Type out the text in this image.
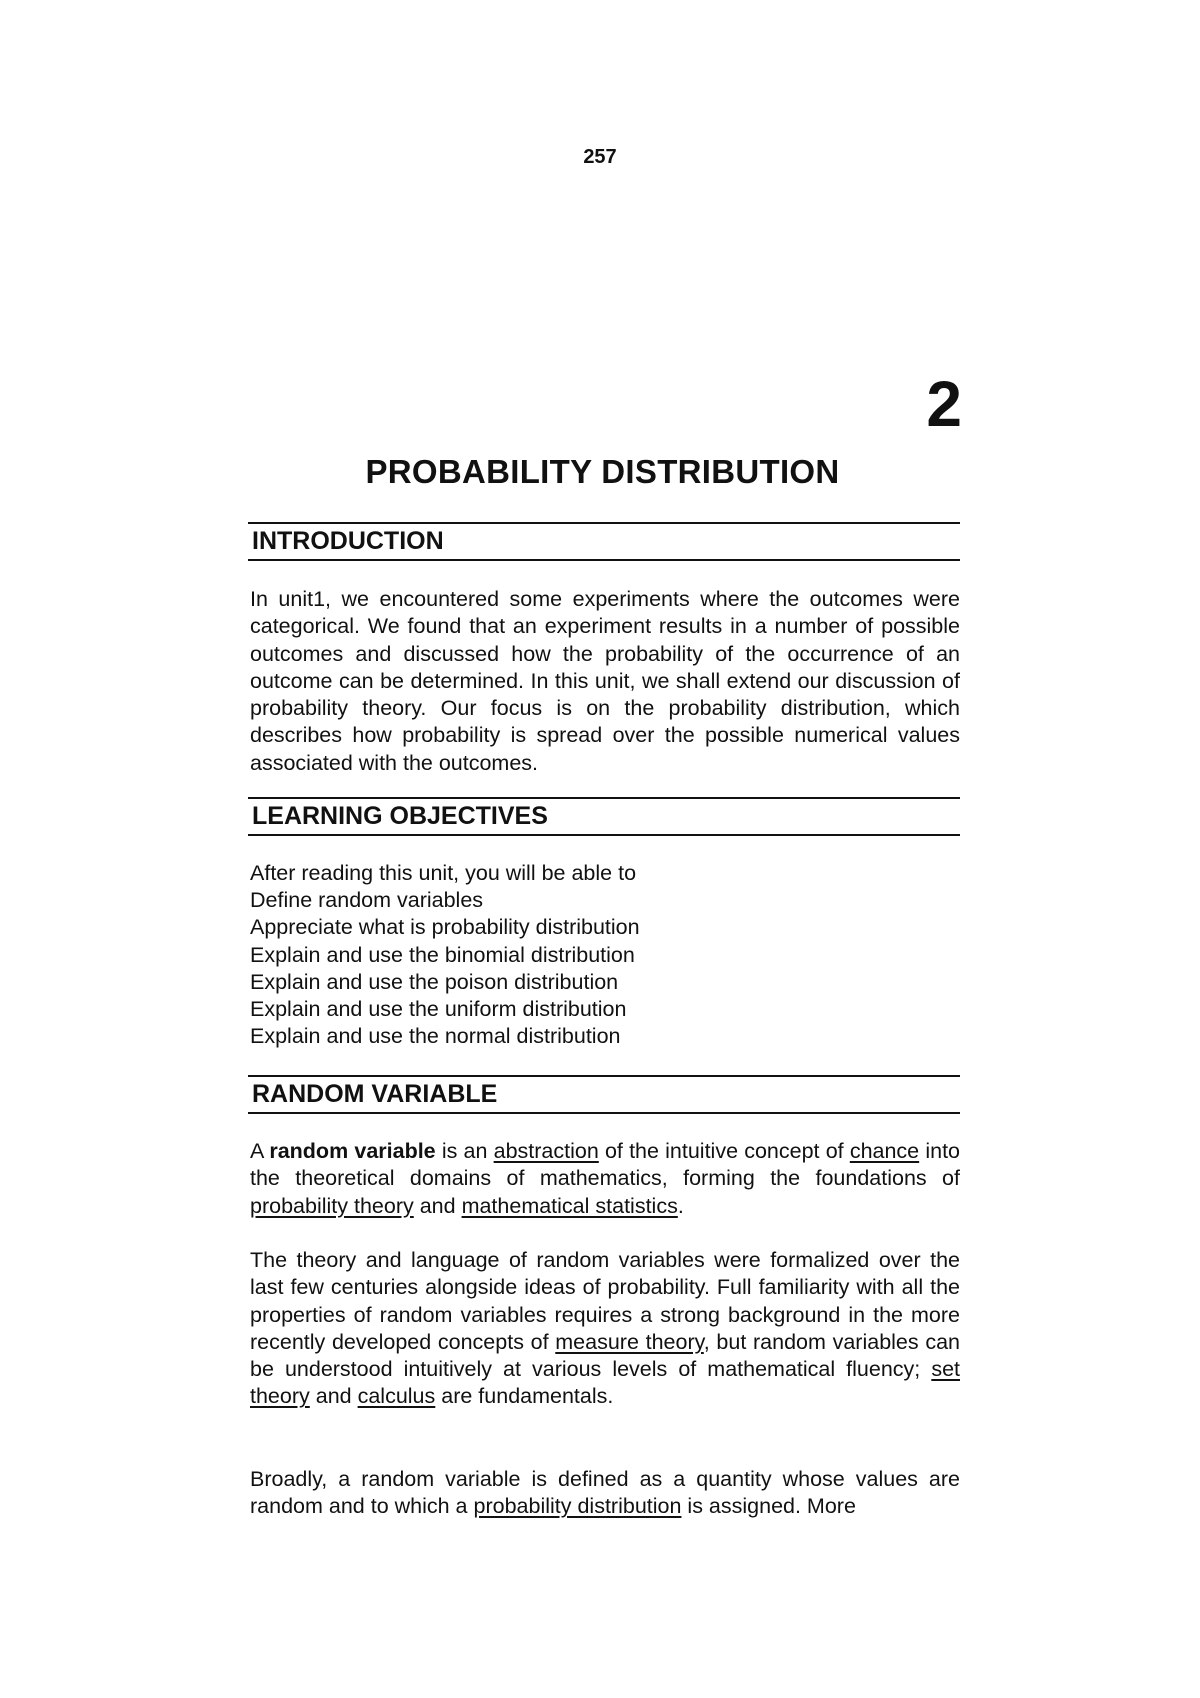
257
2
PROBABILITY DISTRIBUTION
INTRODUCTION

In unit1, we encountered some experiments where the outcomes were categorical. We found that an experiment results in a number of possible outcomes and discussed how the probability of the occurrence of an outcome can be determined. In this unit, we shall extend our discussion of probability theory. Our focus is on the probability distribution, which describes how probability is spread over the possible numerical values associated with the outcomes.

LEARNING OBJECTIVES
After reading this unit, you will be able to
Define random variables
Appreciate what is probability distribution
Explain and use the binomial distribution
Explain and use the poison distribution
Explain and use the uniform distribution
Explain and use the normal distribution
RANDOM VARIABLE

A random variable is an abstraction of the intuitive concept of chance into the theoretical domains of mathematics, forming the foundations of probability theory and mathematical statistics.

The theory and language of random variables were formalized over the last few centuries alongside ideas of probability. Full familiarity with all the properties of random variables requires a strong background in the more recently developed concepts of measure theory, but random variables can be understood intuitively at various levels of mathematical fluency; set theory and calculus are fundamentals.

Broadly, a random variable is defined as a quantity whose values are random and to which a probability distribution is assigned. More
